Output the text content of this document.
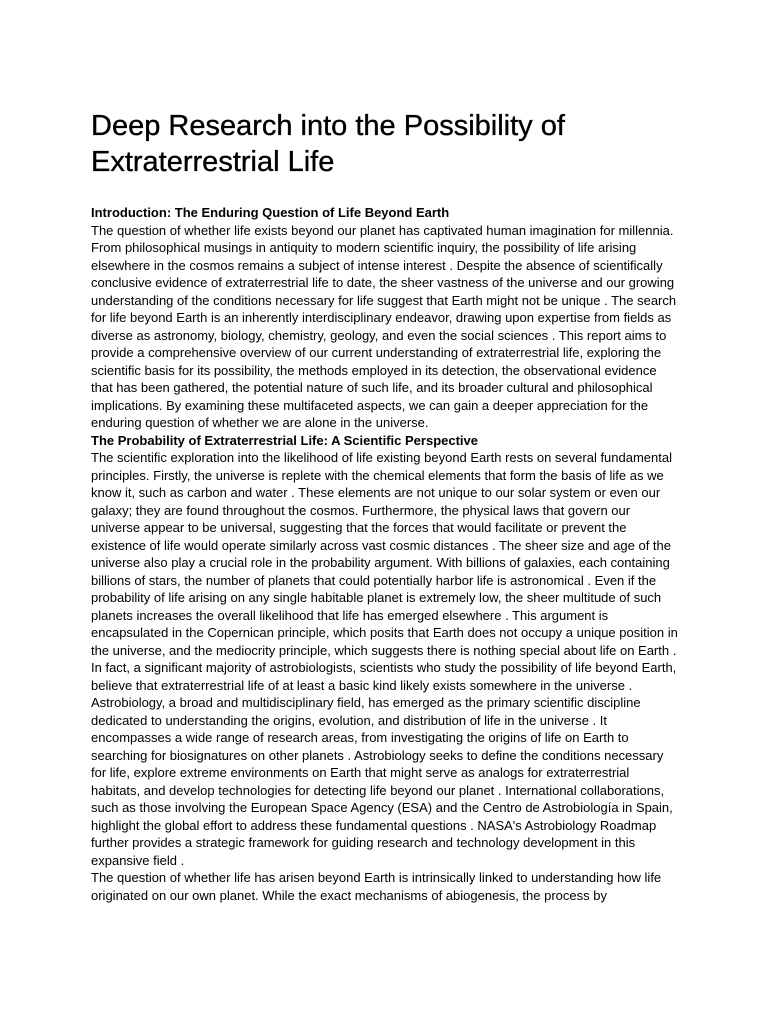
Deep Research into the Possibility of Extraterrestrial Life
Introduction: The Enduring Question of Life Beyond Earth

The question of whether life exists beyond our planet has captivated human imagination for millennia. From philosophical musings in antiquity to modern scientific inquiry, the possibility of life arising elsewhere in the cosmos remains a subject of intense interest . Despite the absence of scientifically conclusive evidence of extraterrestrial life to date, the sheer vastness of the universe and our growing understanding of the conditions necessary for life suggest that Earth might not be unique . The search for life beyond Earth is an inherently interdisciplinary endeavor, drawing upon expertise from fields as diverse as astronomy, biology, chemistry, geology, and even the social sciences . This report aims to provide a comprehensive overview of our current understanding of extraterrestrial life, exploring the scientific basis for its possibility, the methods employed in its detection, the observational evidence that has been gathered, the potential nature of such life, and its broader cultural and philosophical implications. By examining these multifaceted aspects, we can gain a deeper appreciation for the enduring question of whether we are alone in the universe.

The Probability of Extraterrestrial Life: A Scientific Perspective

The scientific exploration into the likelihood of life existing beyond Earth rests on several fundamental principles. Firstly, the universe is replete with the chemical elements that form the basis of life as we know it, such as carbon and water . These elements are not unique to our solar system or even our galaxy; they are found throughout the cosmos. Furthermore, the physical laws that govern our universe appear to be universal, suggesting that the forces that would facilitate or prevent the existence of life would operate similarly across vast cosmic distances . The sheer size and age of the universe also play a crucial role in the probability argument. With billions of galaxies, each containing billions of stars, the number of planets that could potentially harbor life is astronomical . Even if the probability of life arising on any single habitable planet is extremely low, the sheer multitude of such planets increases the overall likelihood that life has emerged elsewhere . This argument is encapsulated in the Copernican principle, which posits that Earth does not occupy a unique position in the universe, and the mediocrity principle, which suggests there is nothing special about life on Earth . In fact, a significant majority of astrobiologists, scientists who study the possibility of life beyond Earth, believe that extraterrestrial life of at least a basic kind likely exists somewhere in the universe . Astrobiology, a broad and multidisciplinary field, has emerged as the primary scientific discipline dedicated to understanding the origins, evolution, and distribution of life in the universe . It encompasses a wide range of research areas, from investigating the origins of life on Earth to searching for biosignatures on other planets . Astrobiology seeks to define the conditions necessary for life, explore extreme environments on Earth that might serve as analogs for extraterrestrial habitats, and develop technologies for detecting life beyond our planet . International collaborations, such as those involving the European Space Agency (ESA) and the Centro de Astrobiología in Spain, highlight the global effort to address these fundamental questions . NASA's Astrobiology Roadmap further provides a strategic framework for guiding research and technology development in this expansive field .

The question of whether life has arisen beyond Earth is intrinsically linked to understanding how life originated on our own planet. While the exact mechanisms of abiogenesis, the process by
